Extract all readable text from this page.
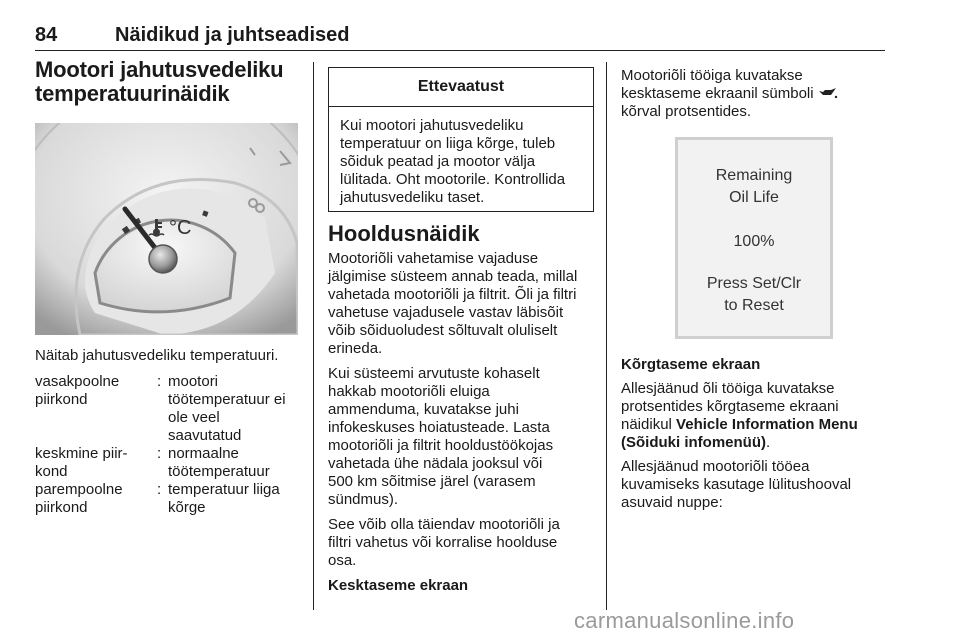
84	Näidikud ja juhtseadised
Mootori jahutusvedeliku
temperatuurinäidik
°C
Näitab jahutusvedeliku temperatuuri.
vasakpoolne
piirkond
: mootori
töötemperatuur ei
ole veel
saavutatud
keskmine piir-
kond
: normaalne
töötemperatuur
parempoolne
piirkond
: temperatuur liiga
kõrge
Ettevaatust
Kui mootori jahutusvedeliku
temperatuur on liiga kõrge, tuleb
sõiduk peatad ja mootor välja
lülitada. Oht mootorile. Kontrollida
jahutusvedeliku taset.
Hooldusnäidik

Mootoriõli vahetamise vajaduse
jälgimise süsteem annab teada, millal
vahetada mootoriõli ja filtrit. Õli ja filtri
vahetuse vajadusele vastav läbisõit
võib sõiduoludest sõltuvalt oluliselt
erineda.

Kui süsteemi arvutuste kohaselt
hakkab mootoriõli eluiga
ammenduma, kuvatakse juhi
infokeskuses hoiatusteade. Lasta
mootoriõli ja filtrit hooldustöökojas
vahetada ühe nädala jooksul või
500 km sõitmise järel (varasem
sündmus).

See võib olla täiendav mootoriõli ja
filtri vahetus või korralise hoolduse
osa.

Kesktaseme ekraan

Mootoriõli tööiga kuvatakse
kesktaseme ekraanil sümboli
kõrval protsentides.

Remaining
Oil Life
100%
Press Set/Clr
to Reset

Kõrgtaseme ekraan

Allesjäänud õli tööiga kuvatakse
protsentides kõrgtaseme ekraani
näidikul Vehicle Information Menu
(Sõiduki infomenüü).

Allesjäänud mootoriõli tööea
kuvamiseks kasutage lülitushooval
asuvaid nuppe:

carmanualsonline.info
